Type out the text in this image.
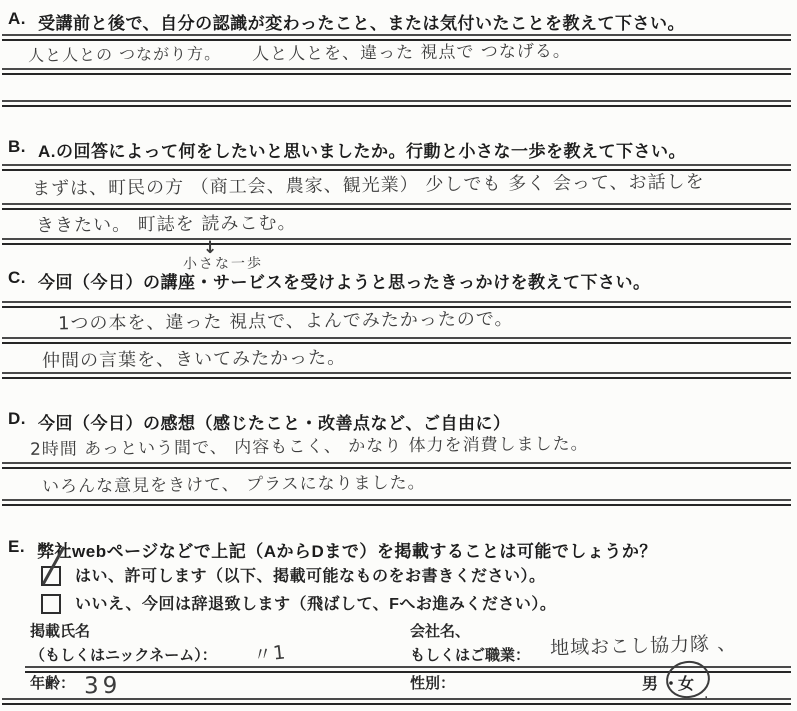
A. 受講前と後で、自分の認識が変わったこと、または気付いたことを教えて下さい。
人と人との つながり方。 人と人とを、違った 視点で つなげる。
B. A.の回答によって何をしたいと思いましたか。行動と小さな一歩を教えて下さい。
まずは、町民の方 （商工会、農家、観光業） 少しでも 多く 会って、お話しを
ききたい。 町誌を 読みこむ。
↓
小さな一歩
C. 今回（今日）の講座・サービスを受けようと思ったきっかけを教えて下さい。
1つの本を、違った 視点で、よんでみたかったので。
仲間の言葉を、きいてみたかった。
D. 今回（今日）の感想（感じたこと・改善点など、ご自由に）
2時間 あっという間で、 内容もこく、 かなり 体力を消費しました。
いろんな意見をきけて、 プラスになりました。
E. 弊社webページなどで上記（AからDまで）を掲載することは可能でしょうか？
はい、許可します（以下、掲載可能なものをお書きください）。
いいえ、今回は辞退致します（飛ばして、Fへお進みください）。
掲載氏名
（もしくはニックネーム）： 〃1
会社名、
もしくはご職業： 地域おこし協力隊 、
年齢： 39	性別：	男 ・
女
.
